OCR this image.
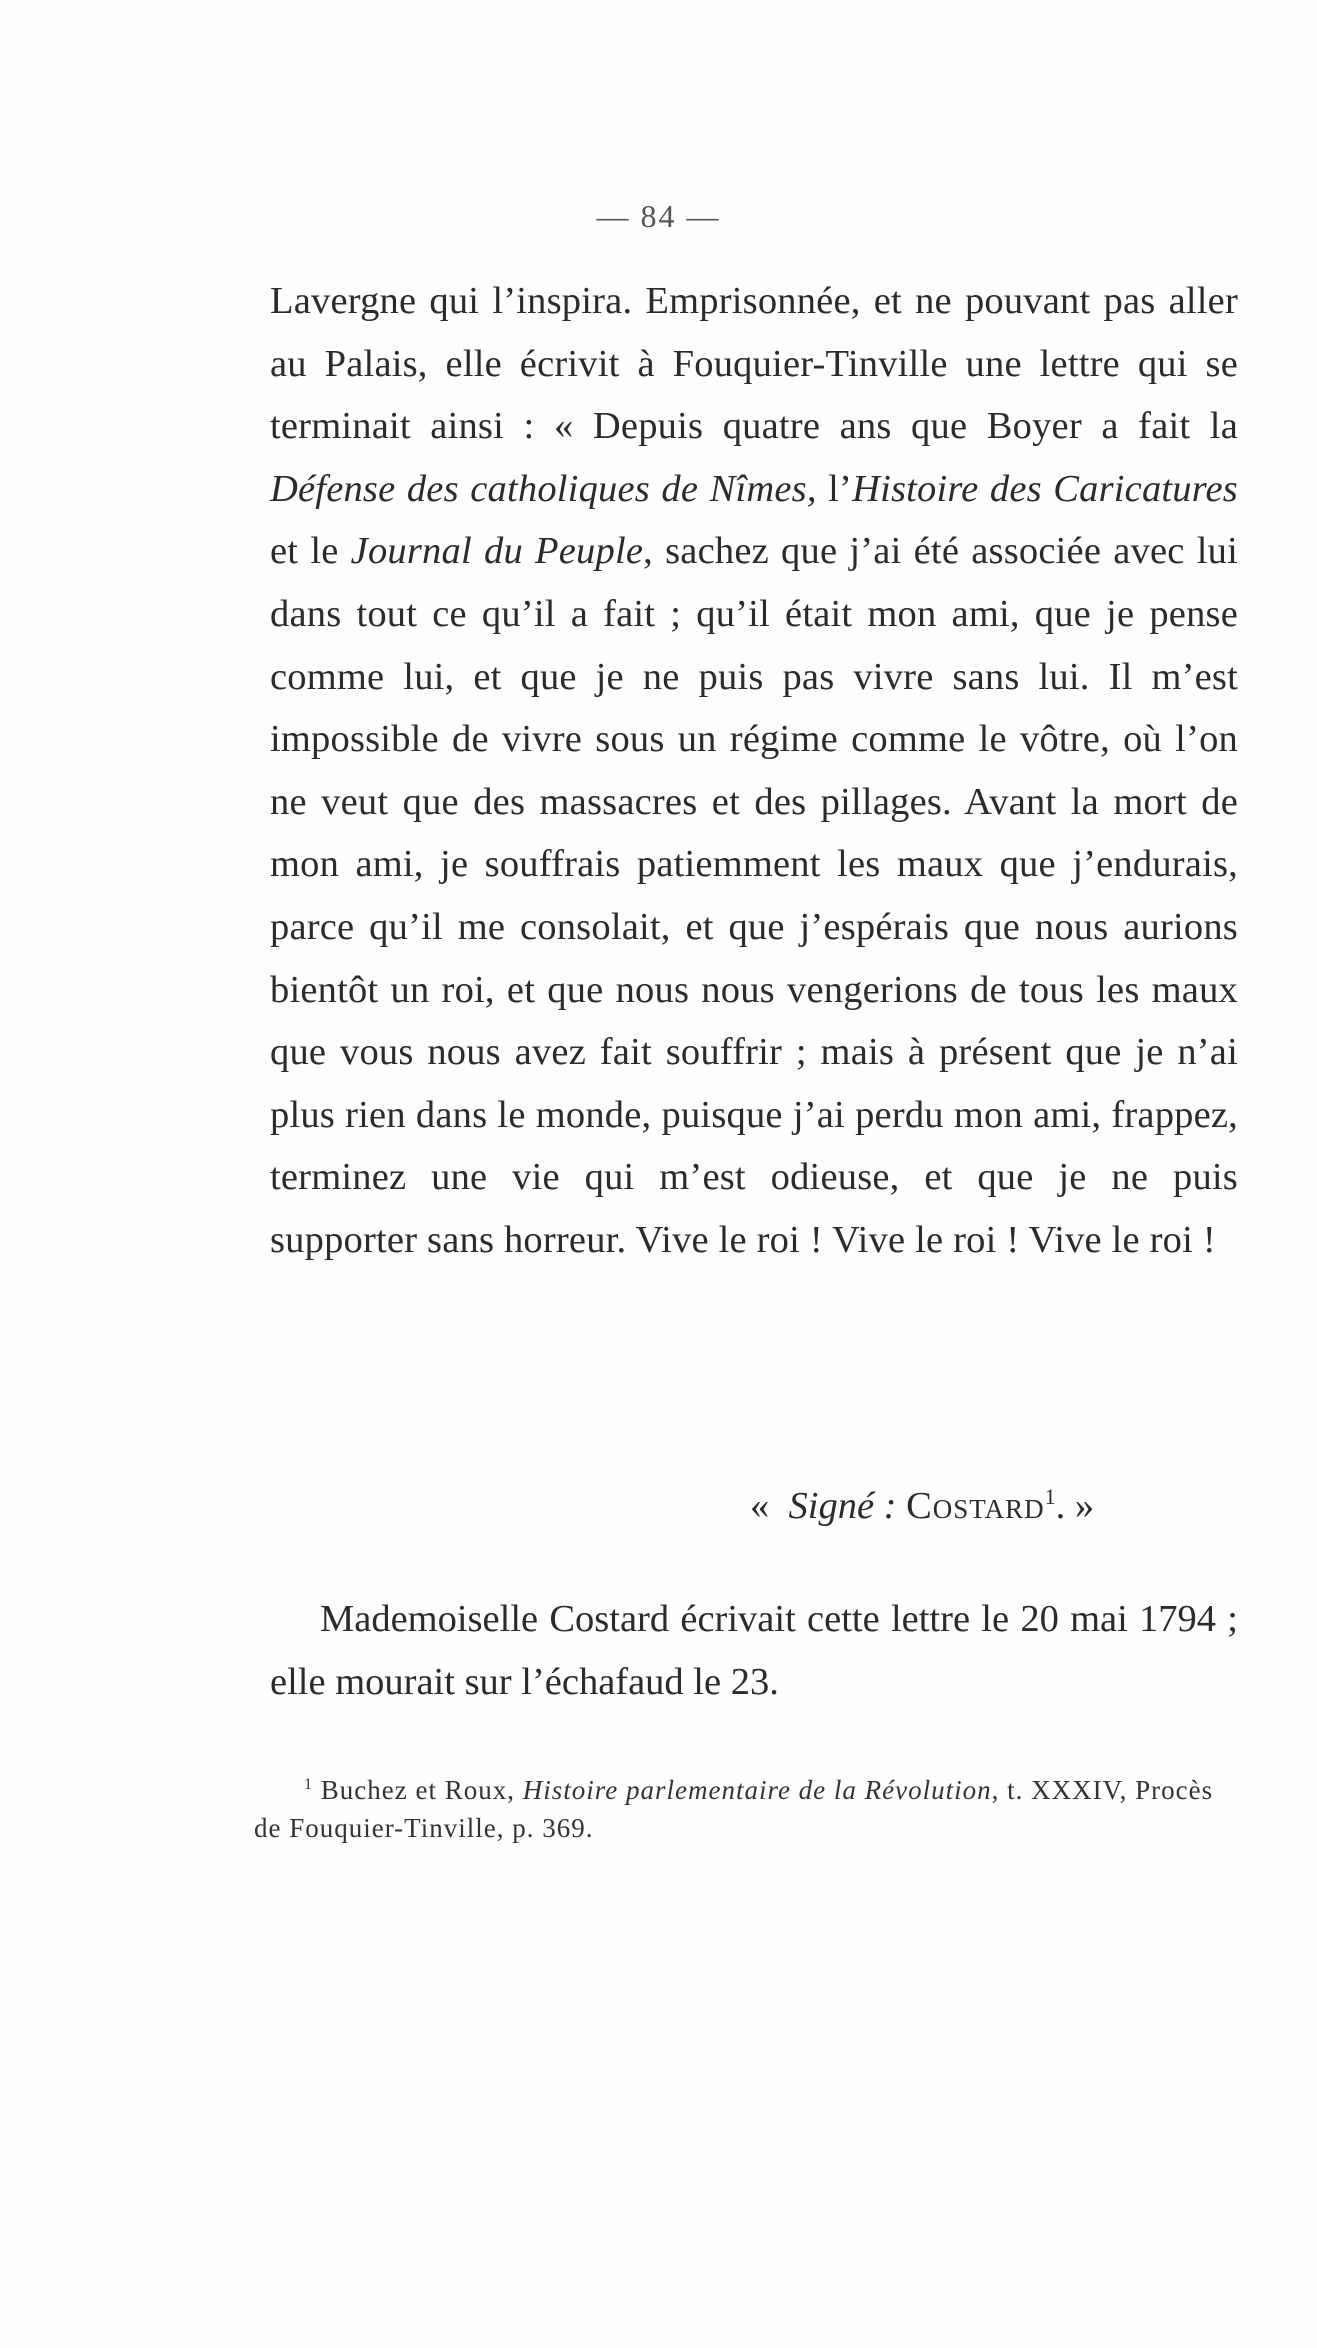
— 84 —

Lavergne qui l’inspira. Emprisonnée, et ne pouvant pas aller au Palais, elle écrivit à Fouquier-Tinville une lettre qui se terminait ainsi : « Depuis quatre ans que Boyer a fait la Défense des catholiques de Nîmes, l’Histoire des Caricatures et le Journal du Peuple, sachez que j’ai été associée avec lui dans tout ce qu’il a fait ; qu’il était mon ami, que je pense comme lui, et que je ne puis pas vivre sans lui. Il m’est impossible de vivre sous un régime comme le vôtre, où l’on ne veut que des massacres et des pillages. Avant la mort de mon ami, je souffrais patiemment les maux que j’endurais, parce qu’il me consolait, et que j’espérais que nous aurions bientôt un roi, et que nous nous vengerions de tous les maux que vous nous avez fait souffrir ; mais à présent que je n’ai plus rien dans le monde, puisque j’ai perdu mon ami, frappez, terminez une vie qui m’est odieuse, et que je ne puis supporter sans horreur. Vive le roi ! Vive le roi ! Vive le roi !

« Signé : Costard$^1$. »

Mademoiselle Costard écrivait cette lettre le 20 mai 1794 ; elle mourait sur l’échafaud le 23.

$^1$ Buchez et Roux, Histoire parlementaire de la Révolution, t. XXXIV, Procès de Fouquier-Tinville, p. 369.
